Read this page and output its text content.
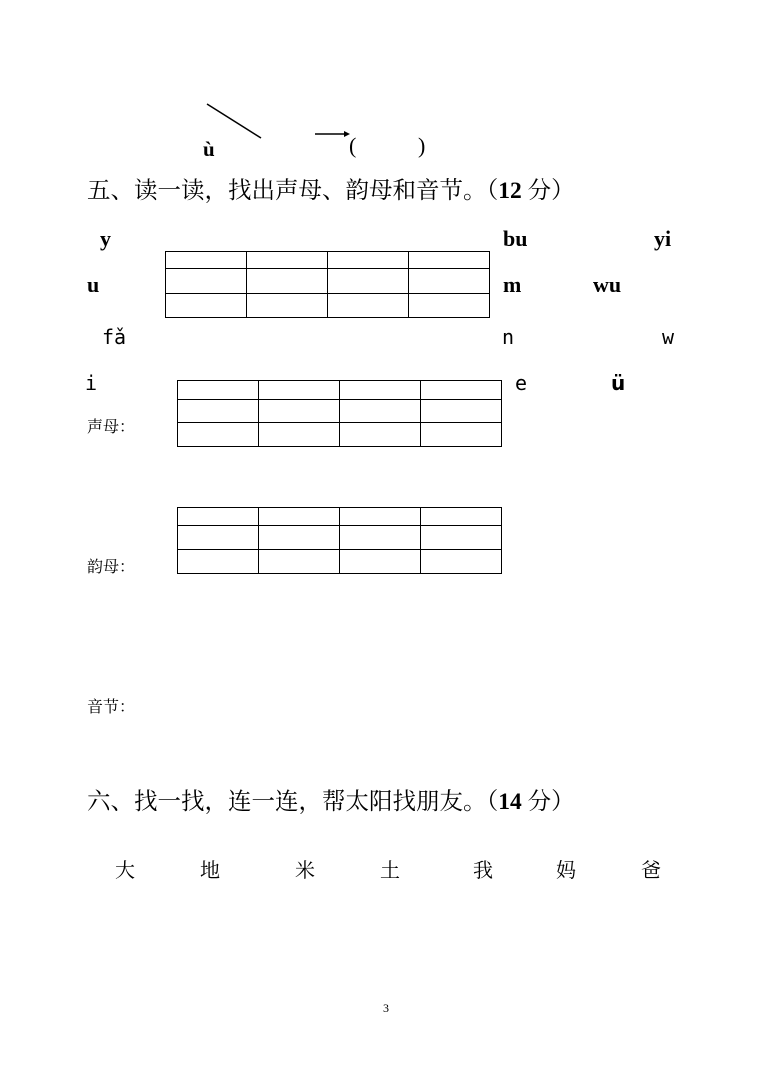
ù	(	)
五、读一读，找出声母、韵母和音节。（12 分）
y	bu	yi
u	m	wu
fǎ	n	w
i	e	ü
声母：
韵母：
音节：
六、找一找，连一连，帮太阳找朋友。（14 分）
大	地	米	土	我	妈	爸
3
